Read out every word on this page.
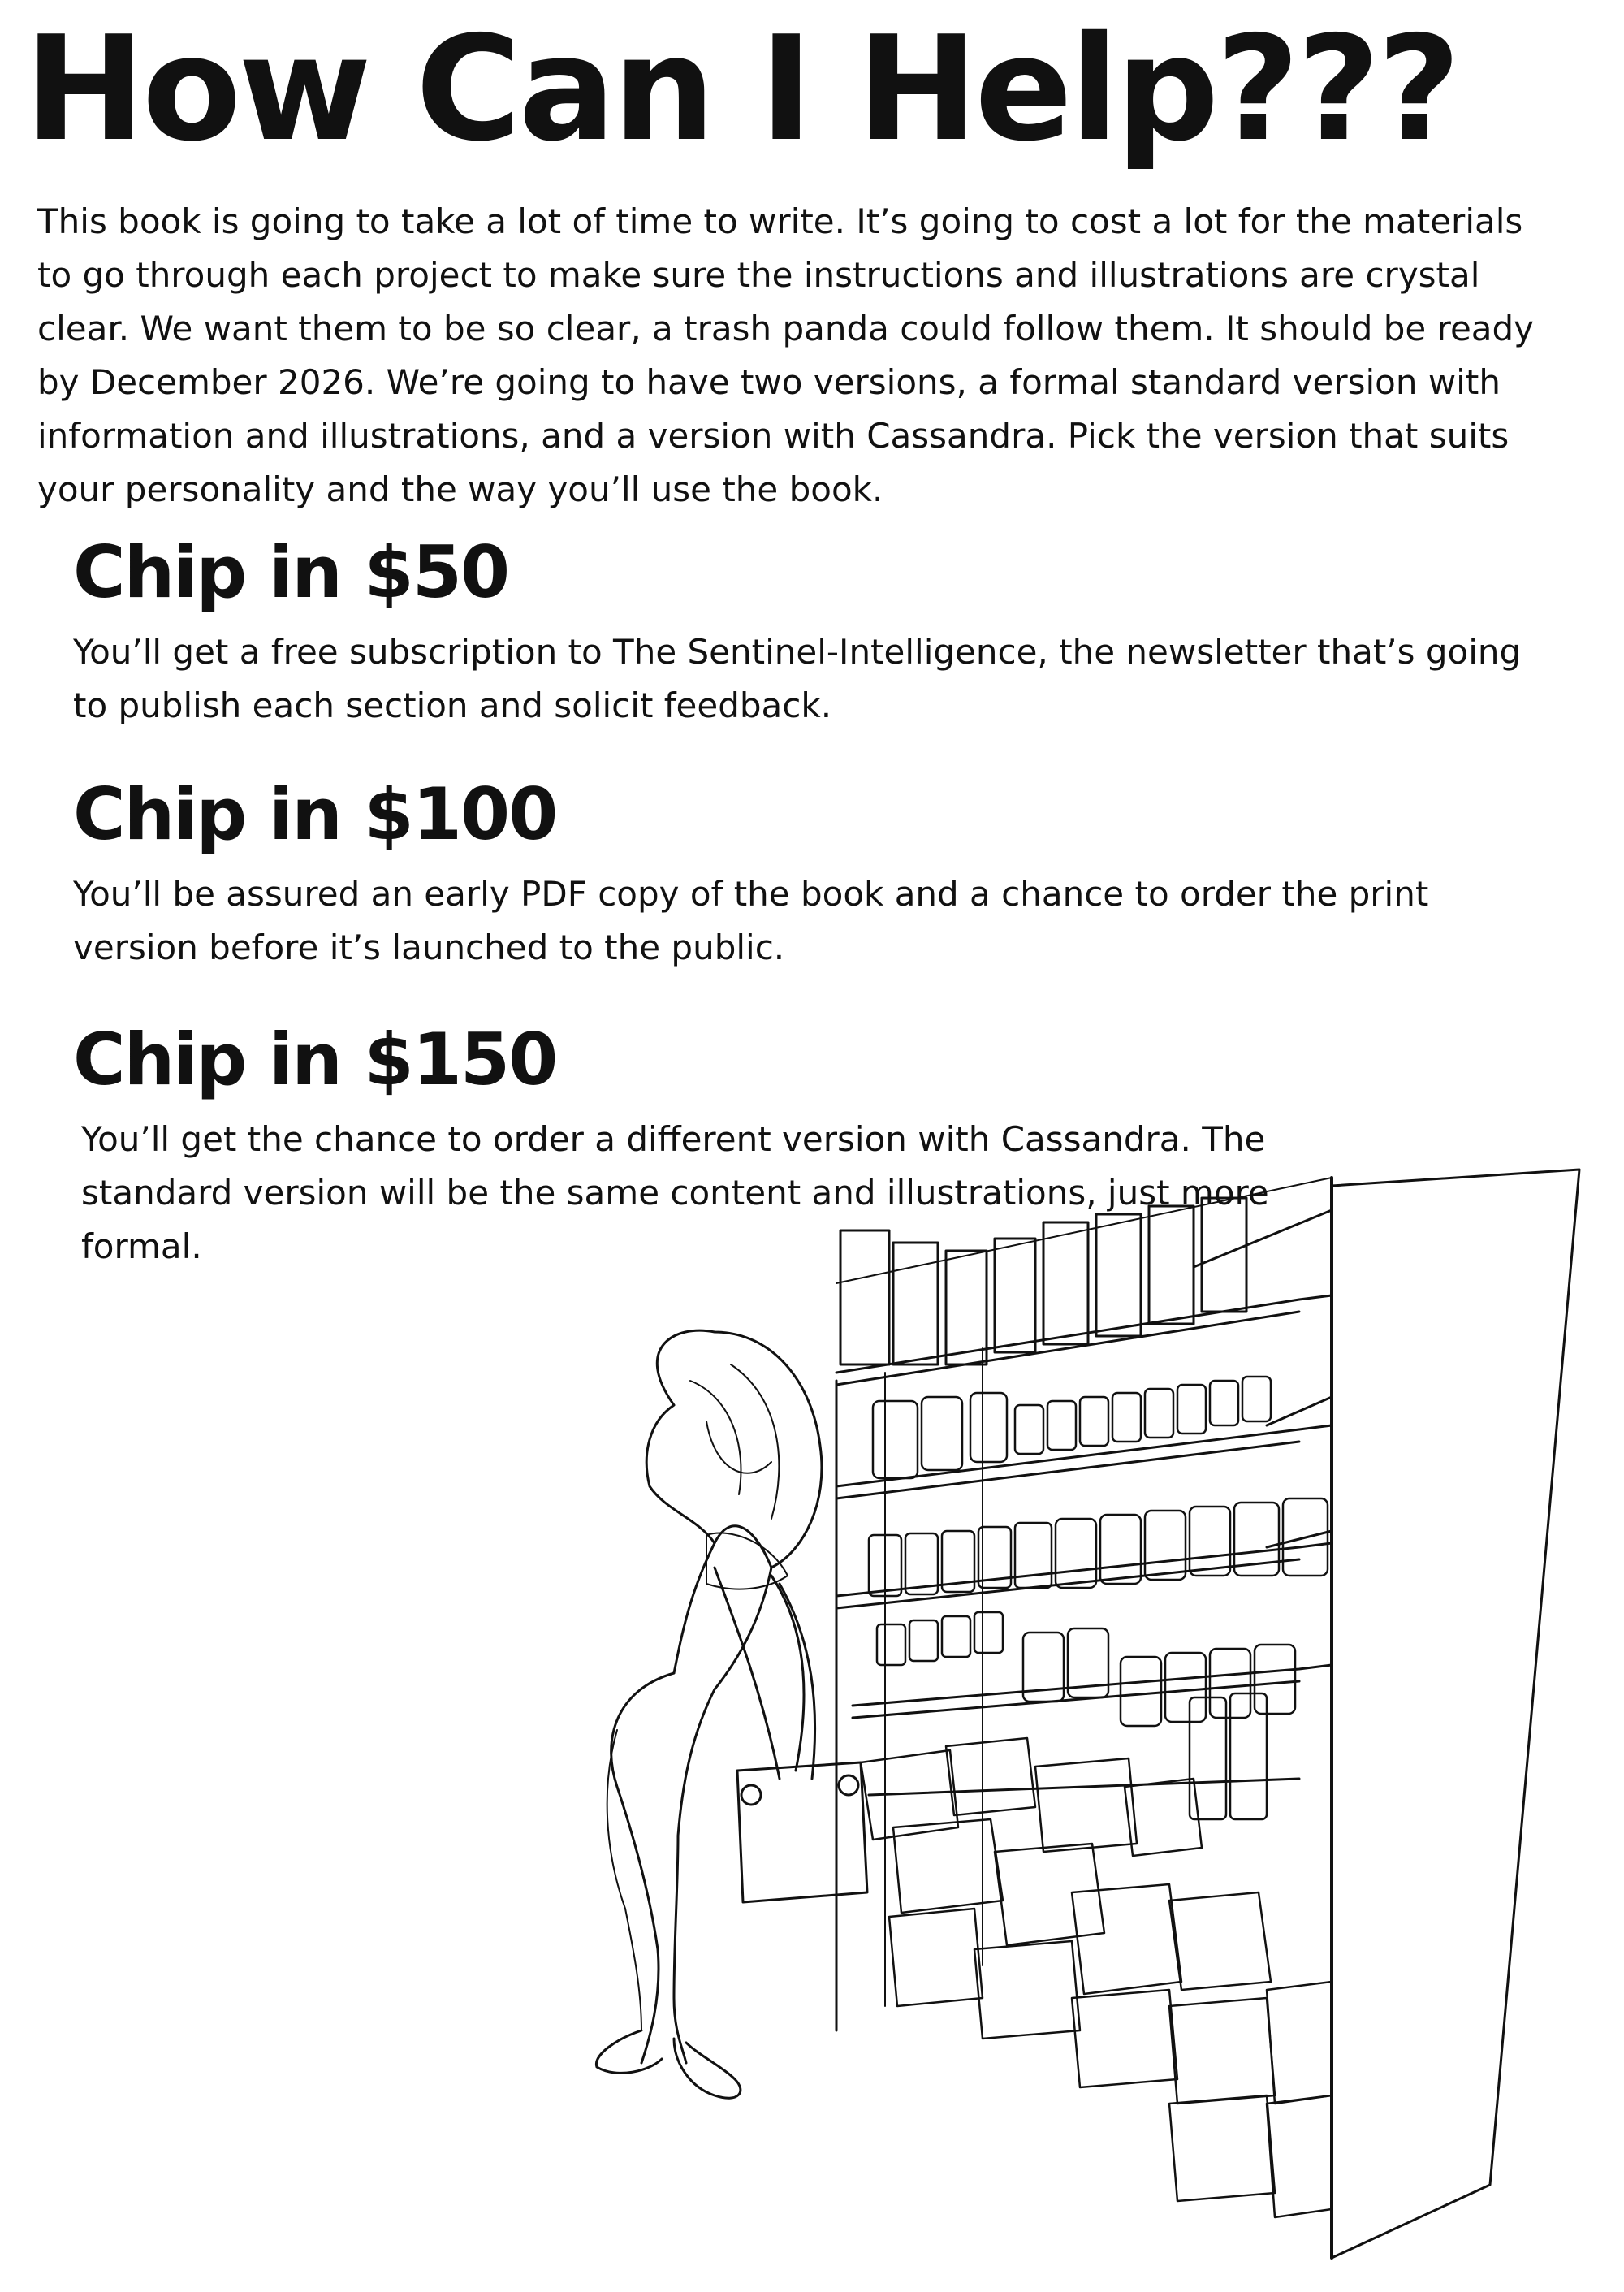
How Can I Help???

This book is going to take a lot of time to write. It’s going to cost a lot for the materials to go through each project to make sure the instructions and illustrations are crystal clear. We want them to be so clear, a trash panda could follow them. It should be ready by December 2026. We’re going to have two versions, a formal standard version with information and illustrations, and a version with Cassandra. Pick the version that suits your personality and the way you’ll use the book.

Chip in $50

You’ll get a free subscription to The Sentinel-Intelligence, the newsletter that’s going to publish each section and solicit feedback.

Chip in $100

You’ll be assured an early PDF copy of the book and a chance to order the print version before it’s launched to the public.

Chip in $150

You’ll get the chance to order a different version with Cassandra. The standard version will be the same content and illustrations, just more formal.
